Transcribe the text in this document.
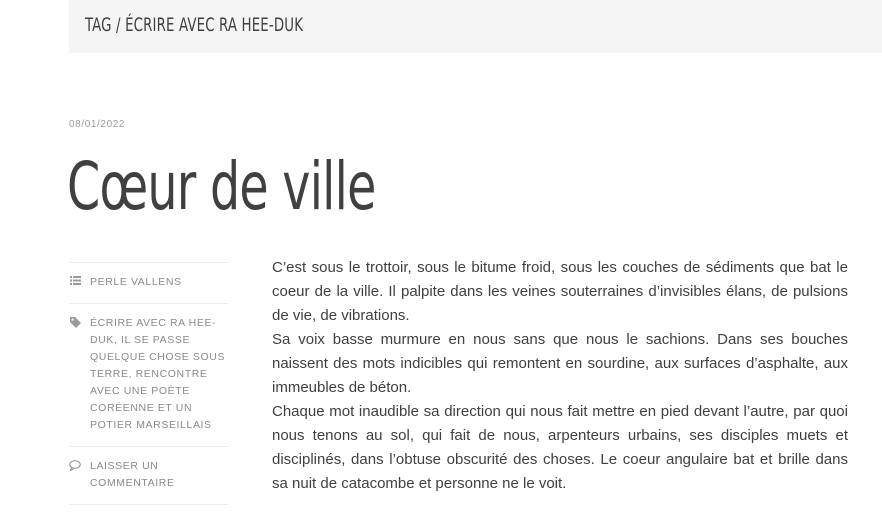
TAG / ÉCRIRE AVEC RA HEE-DUK
08/01/2022
Cœur de ville
PERLE VALLENS
ÉCRIRE AVEC RA HEE-DUK, IL SE PASSE QUELQUE CHOSE SOUS TERRE, RENCONTRE AVEC UNE POÈTE CORÉENNE ET UN POTIER MARSEILLAIS
LAISSER UN COMMENTAIRE

C’est sous le trottoir, sous le bitume froid, sous les couches de sédiments que bat le coeur de la ville. Il palpite dans les veines souterraines d’invisibles élans, de pulsions de vie, de vibrations.

Sa voix basse murmure en nous sans que nous le sachions. Dans ses bouches naissent des mots indicibles qui remontent en sourdine, aux surfaces d’asphalte, aux immeubles de béton.

Chaque mot inaudible sa direction qui nous fait mettre en pied devant l’autre, par quoi nous tenons au sol, qui fait de nous, arpenteurs urbains, ses disciples muets et disciplinés, dans l’obtuse obscurité des choses. Le coeur angulaire bat et brille dans sa nuit de catacombe et personne ne le voit.
